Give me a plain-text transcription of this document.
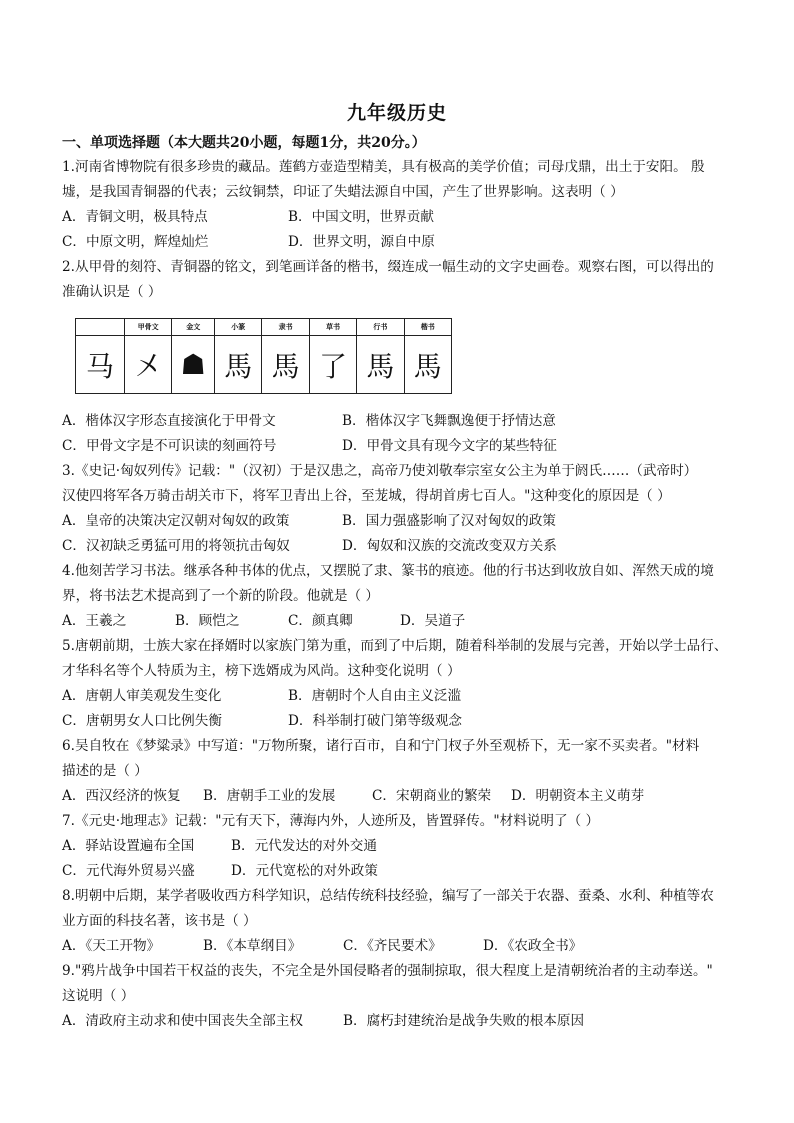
九年级历史
一、单项选择题（本大题共20小题，每题1分，共20分。）
1.河南省博物院有很多珍贵的藏品。莲鹤方壶造型精美，具有极高的美学价值；司母戊鼎，出土于安阳。 殷
墟，是我国青铜器的代表；云纹铜禁，印证了失蜡法源自中国，产生了世界影响。这表明（ ）
A．青铜文明，极具特点	B．中国文明，世界贡献
C．中原文明，辉煌灿烂	D．世界文明，源自中原
2.从甲骨的刻符、青铜器的铭文，到笔画详备的楷书，缀连成一幅生动的文字史画卷。观察右图，可以得出的
准确认识是（ ）
	甲骨文	金文	小篆	隶书	草书	行书	楷书
马	㐅	☗	馬	馬	了	馬	馬
A．楷体汉字形态直接演化于甲骨文	B．楷体汉字飞舞飘逸便于抒情达意
C．甲骨文字是不可识读的刻画符号	D．甲骨文具有现今文字的某些特征
3.《史记·匈奴列传》记载："（汉初）于是汉患之，高帝乃使刘敬奉宗室女公主为单于阏氏……（武帝时）
汉使四将军各万骑击胡关市下，将军卫青出上谷，至茏城，得胡首虏七百人。"这种变化的原因是（ ）
A．皇帝的决策决定汉朝对匈奴的政策	B．国力强盛影响了汉对匈奴的政策
C．汉初缺乏勇猛可用的将领抗击匈奴	D．匈奴和汉族的交流改变双方关系
4.他刻苦学习书法。继承各种书体的优点，又摆脱了隶、篆书的痕迹。他的行书达到收放自如、浑然天成的境
界，将书法艺术提高到了一个新的阶段。他就是（ ）
A．王羲之	B．顾恺之	C．颜真卿	D．吴道子
5.唐朝前期，士族大家在择婿时以家族门第为重，而到了中后期，随着科举制的发展与完善，开始以学士品行、
才华科名等个人特质为主，榜下选婿成为风尚。这种变化说明（ ）
A．唐朝人审美观发生变化	B．唐朝时个人自由主义泛滥
C．唐朝男女人口比例失衡	D．科举制打破门第等级观念
6.吴自牧在《梦粱录》中写道："万物所聚，诸行百市，自和宁门杈子外至观桥下，无一家不买卖者。"材料
描述的是（ ）
A．西汉经济的恢复 B．唐朝手工业的发展	C．宋朝商业的繁荣 D．明朝资本主义萌芽
7.《元史·地理志》记载："元有天下，薄海内外，人迹所及，皆置驿传。"材料说明了（ ）
A．驿站设置遍布全国	B．元代发达的对外交通
C．元代海外贸易兴盛	D．元代宽松的对外政策
8.明朝中后期，某学者吸收西方科学知识，总结传统科技经验，编写了一部关于农器、蚕桑、水利、种植等农
业方面的科技名著，该书是（ ）
A．《天工开物》	B．《本草纲目》	C．《齐民要术》	D．《农政全书》
9."鸦片战争中国若干权益的丧失，不完全是外国侵略者的强制掠取，很大程度上是清朝统治者的主动奉送。"
这说明（ ）
A．清政府主动求和使中国丧失全部主权	B．腐朽封建统治是战争失败的根本原因
